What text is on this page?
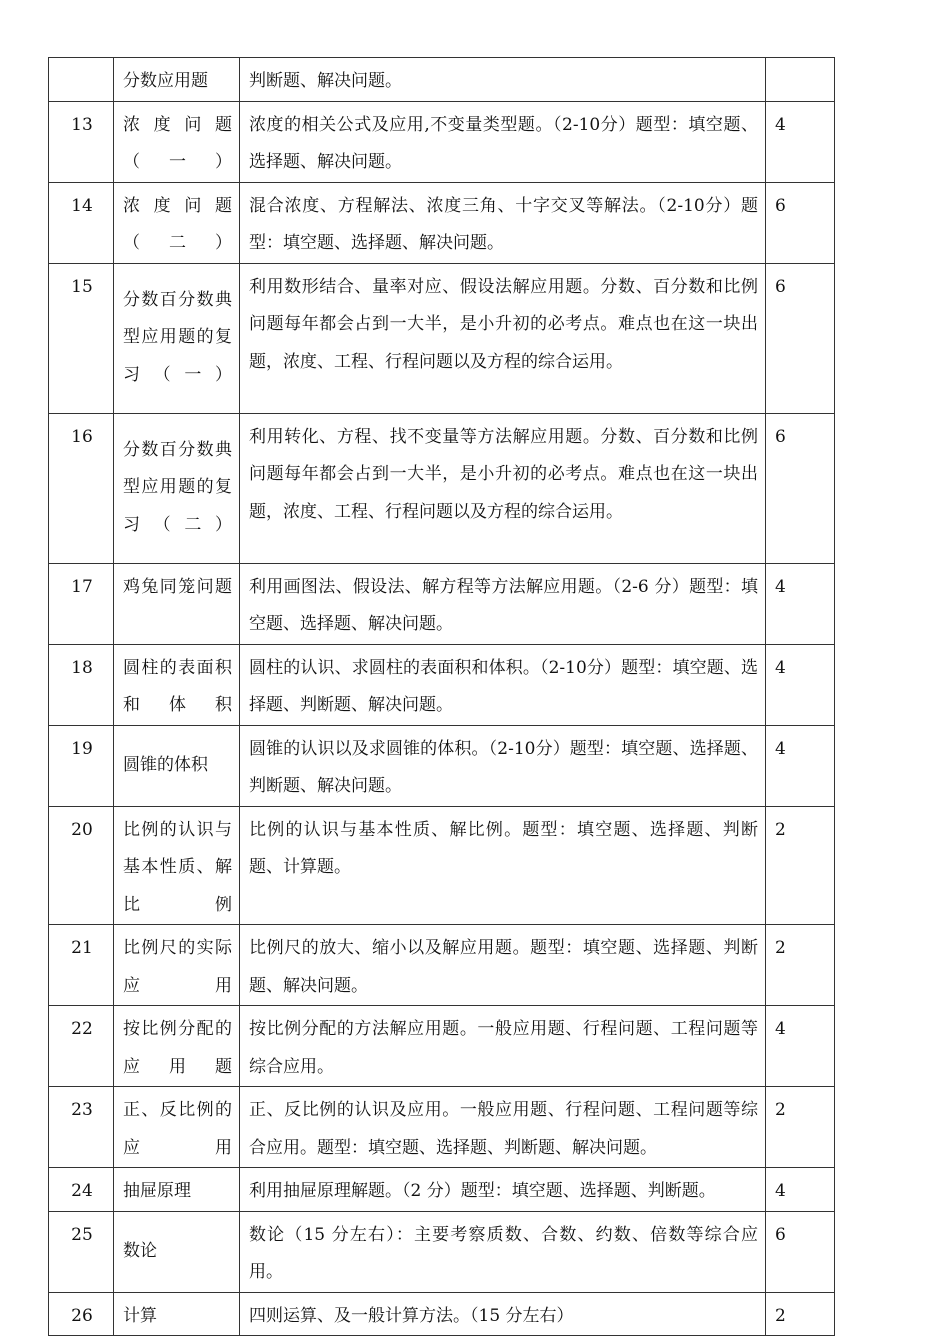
	分数应用题	判断题、解决问题。	
13	浓度问题（一）	浓度的相关公式及应用,不变量类型题。（2-10分）题型：填空题、选择题、解决问题。	4
14	浓度问题（二）	混合浓度、方程解法、浓度三角、十字交叉等解法。（2-10分）题型：填空题、选择题、解决问题。	6
15	分数百分数典型应用题的复习（一）	利用数形结合、量率对应、假设法解应用题。分数、百分数和比例问题每年都会占到一大半，是小升初的必考点。难点也在这一块出题，浓度、工程、行程问题以及方程的综合运用。	6
16	分数百分数典型应用题的复习（二）	利用转化、方程、找不变量等方法解应用题。分数、百分数和比例问题每年都会占到一大半，是小升初的必考点。难点也在这一块出题，浓度、工程、行程问题以及方程的综合运用。	6
17	鸡兔同笼问题	利用画图法、假设法、解方程等方法解应用题。（2-6 分）题型：填空题、选择题、解决问题。	4
18	圆柱的表面积和体积	圆柱的认识、求圆柱的表面积和体积。（2-10分）题型：填空题、选择题、判断题、解决问题。	4
19	圆锥的体积	圆锥的认识以及求圆锥的体积。（2-10分）题型：填空题、选择题、判断题、解决问题。	4
20	比例的认识与基本性质、解比例	比例的认识与基本性质、解比例。题型：填空题、选择题、判断题、计算题。	2
21	比例尺的实际应用	比例尺的放大、缩小以及解应用题。题型：填空题、选择题、判断题、解决问题。	2
22	按比例分配的应用题	按比例分配的方法解应用题。一般应用题、行程问题、工程问题等综合应用。	4
23	正、反比例的应用	正、反比例的认识及应用。一般应用题、行程问题、工程问题等综合应用。题型：填空题、选择题、判断题、解决问题。	2
24	抽屉原理	利用抽屉原理解题。（2 分）题型：填空题、选择题、判断题。	4
25	数论	数论（15 分左右）：主要考察质数、合数、约数、倍数等综合应用。	6
26	计算	四则运算、及一般计算方法。（15 分左右）	2
